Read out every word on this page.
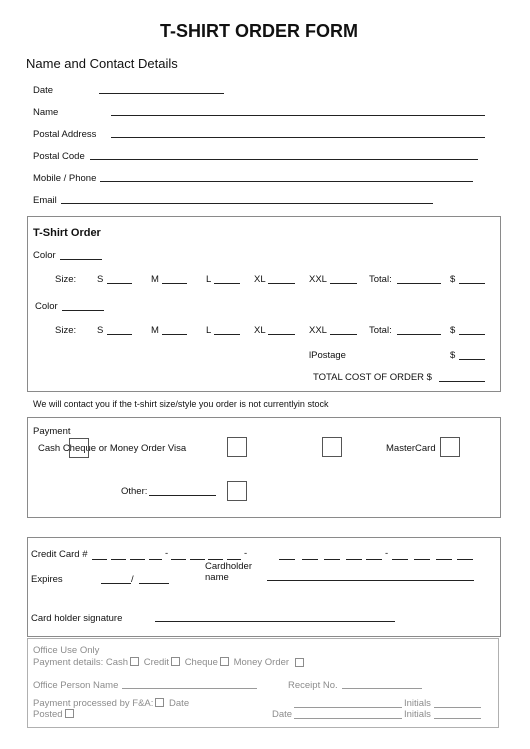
T-SHIRT ORDER FORM
Name and Contact Details
Date
Name
Postal Address
Postal Code
Mobile / Phone
Email
T-Shirt Order
Color
Size: S	M	L	XL	XXL	Total:	$
Color
Size: S	M	L	XL	XXL	Total:	$
lPostage	$
TOTAL COST OF ORDER $
We will contact you if the t-shirt size/style you order is not currentlyin stock
Payment
Cash Cheque or Money Order Visa	MasterCard
Other:
Credit Card #	-	-	-
Cardholder
name
Expires	/
Card holder signature
Office Use Only
Payment details: Cash Credit Cheque Money Order
Office Person Name	Receipt No.
Payment processed by F&A: Date	Initials
Posted	Date	Initials
